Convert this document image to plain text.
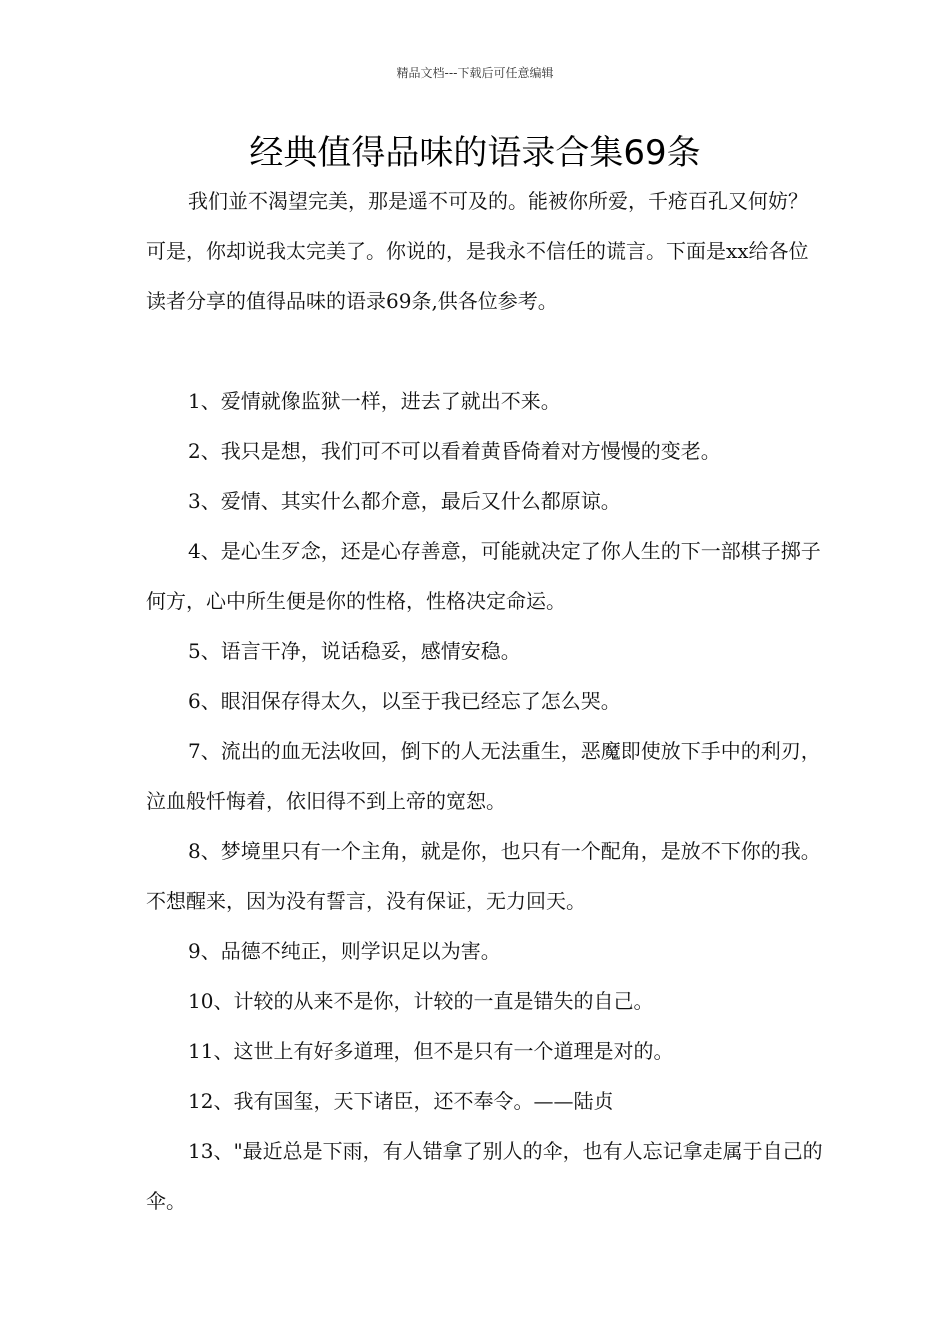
精品文档---下载后可任意编辑
经典值得品味的语录合集69条

我们並不渴望完美，那是遥不可及的。能被你所爱，千疮百孔又何妨？可是，你却说我太完美了。你说的，是我永不信任的谎言。下面是xx给各位读者分享的值得品味的语录69条,供各位参考。

1、爱情就像监狱一样，进去了就出不来。

2、我只是想，我们可不可以看着黄昏倚着对方慢慢的变老。

3、爱情、其实什么都介意，最后又什么都原谅。

4、是心生歹念，还是心存善意，可能就决定了你人生的下一部棋子掷子何方，心中所生便是你的性格，性格决定命运。

5、语言干净，说话稳妥，感情安稳。

6、眼泪保存得太久，以至于我已经忘了怎么哭。

7、流出的血无法收回，倒下的人无法重生，恶魔即使放下手中的利刃，泣血般忏悔着，依旧得不到上帝的宽恕。

8、梦境里只有一个主角，就是你，也只有一个配角，是放不下你的我。不想醒来，因为没有誓言，没有保证，无力回天。

9、品德不纯正，则学识足以为害。

10、计较的从来不是你，计较的一直是错失的自己。

11、这世上有好多道理，但不是只有一个道理是对的。

12、我有国玺，天下诸臣，还不奉令。——陆贞

13、"最近总是下雨，有人错拿了别人的伞，也有人忘记拿走属于自己的伞。
